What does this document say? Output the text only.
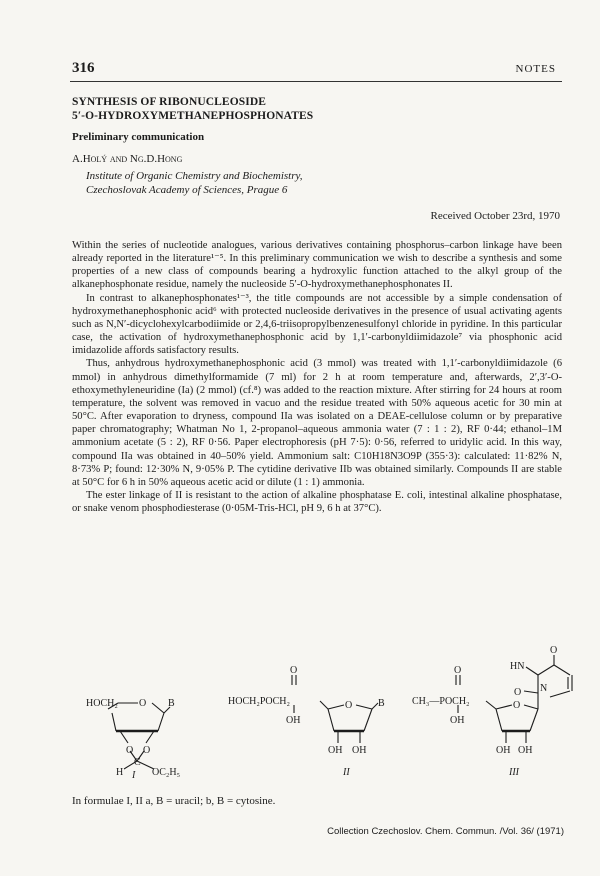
316	NOTES
SYNTHESIS OF RIBONUCLEOSIDE
5′-O-HYDROXYMETHANEPHOSPHONATES
Preliminary communication
A.Holý and Ng.D.Hong
Institute of Organic Chemistry and Biochemistry,
Czechoslovak Academy of Sciences, Prague 6
Received October 23rd, 1970

Within the series of nucleotide analogues, various derivatives containing phosphorus–carbon linkage have been already reported in the literature¹⁻⁵. In this preliminary communication we wish to describe a synthesis and some properties of a new class of compounds bearing a hydroxylic function attached to the alkyl group of the alkanephosphonate residue, namely the nucleoside 5′-O-hydroxymethanephosphonates II.

In contrast to alkanephosphonates¹⁻³, the title compounds are not accessible by a simple condensation of hydroxymethanephosphonic acid⁶ with protected nucleoside derivatives in the presence of usual activating agents such as N,N′-dicyclohexylcarbodiimide or 2,4,6-triisopropylbenzenesulfonyl chloride in pyridine. In this particular case, the activation of hydroxymethanephosphonic acid by 1,1′-carbonyldiimidazole⁷ via phosphonic acid imidazolide affords satisfactory results.

Thus, anhydrous hydroxymethanephosphonic acid (3 mmol) was treated with 1,1′-carbonyldiimidazole (6 mmol) in anhydrous dimethylformamide (7 ml) for 2 h at room temperature and, afterwards, 2′,3′-O-ethoxymethyleneuridine (Ia) (2 mmol) (cf.⁸) was added to the reaction mixture. After stirring for 24 hours at room temperature, the solvent was removed in vacuo and the residue treated with 50% aqueous acetic for 30 min at 50°C. After evaporation to dryness, compound IIa was isolated on a DEAE-cellulose column or by preparative paper chromatography; Whatman No 1, 2-propanol–aqueous ammonia water (7 : 1 : 2), RF 0·44; ethanol–1M ammonium acetate (5 : 2), RF 0·56. Paper electrophoresis (pH 7·5): 0·56, referred to uridylic acid. In this way, compound IIa was obtained in 40–50% yield. Ammonium salt: C10H18N3O9P (355·3): calculated: 11·82% N, 8·73% P; found: 12·30% N, 9·05% P. The cytidine derivative IIb was obtained similarly. Compounds II are stable at 50°C for 6 h in 50% aqueous acetic acid or dilute (1 : 1) ammonia.

The ester linkage of II is resistant to the action of alkaline phosphatase E. coli, intestinal alkaline phosphatase, or snake venom phosphodiesterase (0·05M-Tris-HCl, pH 9, 6 h at 37°C).

HOCH₂ O B
O O
C
H	OC₂H₅
I
O
HOCH₂POCH₂
OH
O	B
OH OH
II
O
CH₃—POCH₂
OH
O
OH OH
HN
O
O N
III
In formulae I, II a, B = uracil; b, B = cytosine.
Collection Czechoslov. Chem. Commun. /Vol. 36/ (1971)
